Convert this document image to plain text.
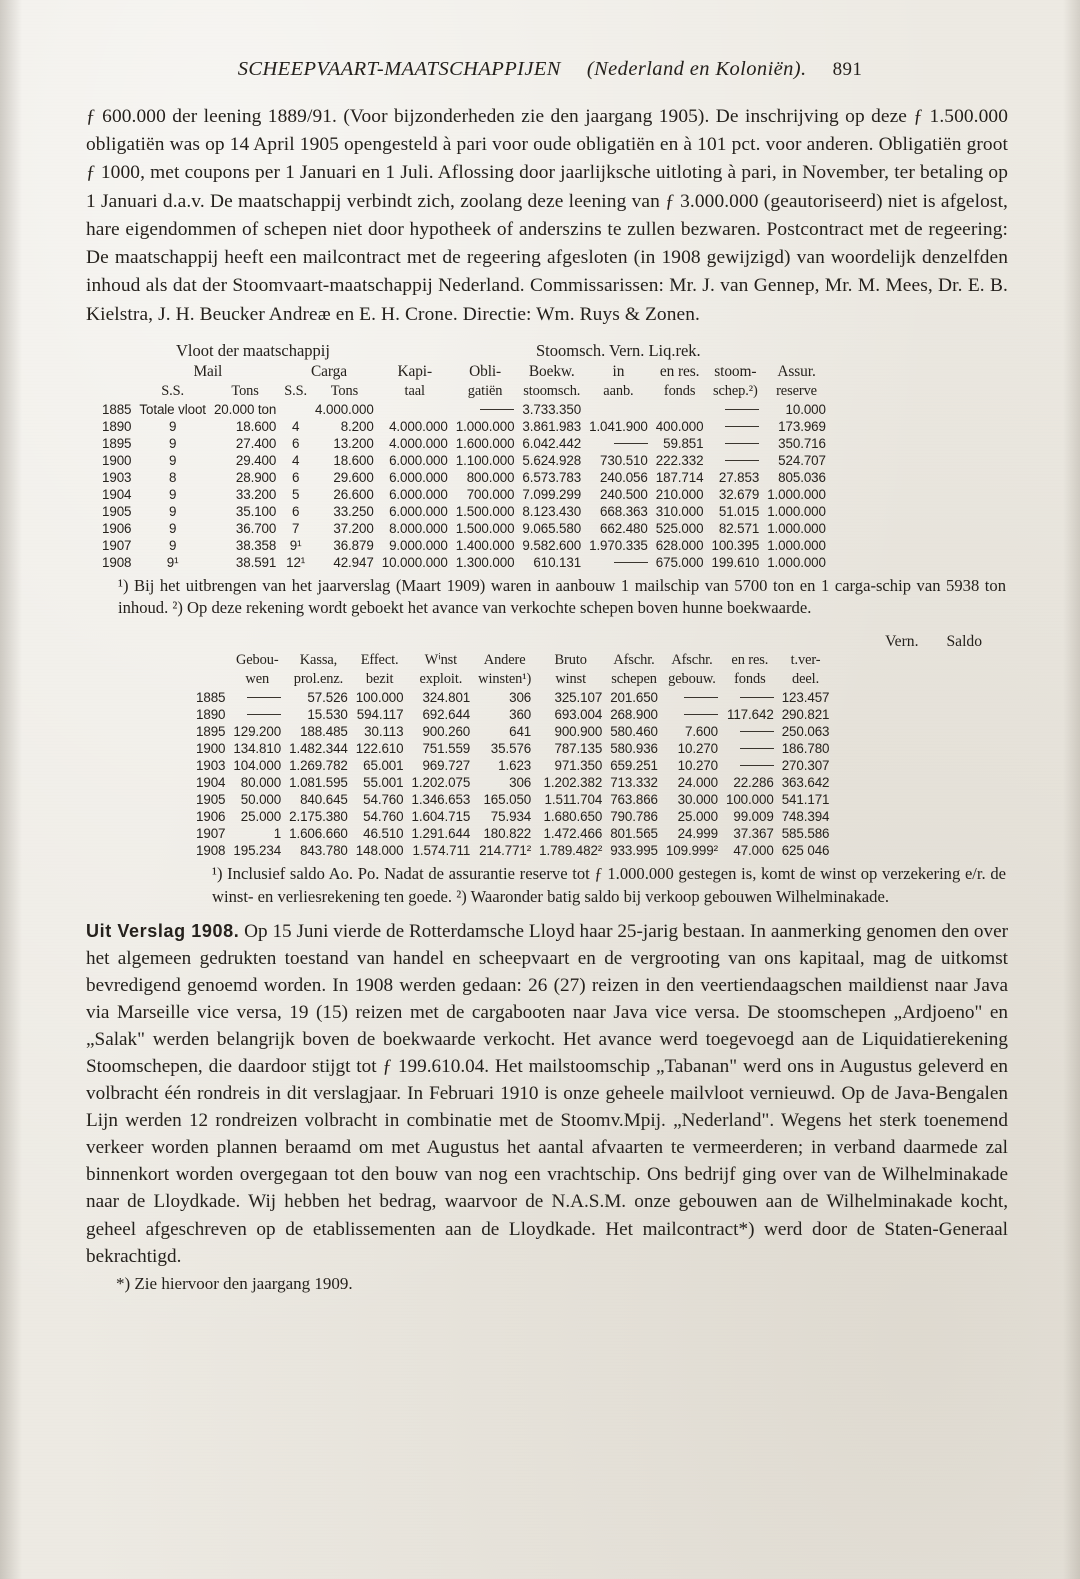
SCHEEPVAART-MAATSCHAPPIJEN (Nederland en Koloniën). 891
ƒ 600.000 der leening 1889/91. (Voor bijzonderheden zie den jaargang 1905). De inschrijving op deze ƒ 1.500.000 obligatiën was op 14 April 1905 opengesteld à pari voor oude obligatiën en à 101 pct. voor anderen. Obligatiën groot ƒ 1000, met coupons per 1 Januari en 1 Juli. Aflossing door jaarlijksche uitloting à pari, in November, ter betaling op 1 Januari d.a.v. De maatschappij verbindt zich, zoolang deze leening van ƒ 3.000.000 (geautoriseerd) niet is afgelost, hare eigendommen of schepen niet door hypotheek of anderszins te zullen bezwaren. Postcontract met de regeering: De maatschappij heeft een mailcontract met de regeering afgesloten (in 1908 gewijzigd) van woordelijk denzelfden inhoud als dat der Stoomvaart-maatschappij Nederland. Commissarissen: Mr. J. van Gennep, Mr. M. Mees, Dr. E. B. Kielstra, J. H. Beucker Andreæ en E. H. Crone. Directie: Wm. Ruys & Zonen.
Vloot der maatschappij	Stoomsch. Vern. Liq.rek.
	Mail		Carga		Kapi-	Obli-	Boekw.	in	en res.	stoom-	Assur.
	S.S.	Tons	S.S.	Tons	taal	gatiën	stoomsch.	aanb.	fonds	schep.²)	reserve
1885	Totale vloot	20.000 ton		4.000.000			3.733.350				10.000
1890	9	18.600	4	8.200	4.000.000	1.000.000	3.861.983	1.041.900	400.000		173.969
1895	9	27.400	6	13.200	4.000.000	1.600.000	6.042.442		59.851		350.716
1900	9	29.400	4	18.600	6.000.000	1.100.000	5.624.928	730.510	222.332		524.707
1903	8	28.900	6	29.600	6.000.000	800.000	6.573.783	240.056	187.714	27.853	805.036
1904	9	33.200	5	26.600	6.000.000	700.000	7.099.299	240.500	210.000	32.679	1.000.000
1905	9	35.100	6	33.250	6.000.000	1.500.000	8.123.430	668.363	310.000	51.015	1.000.000
1906	9	36.700	7	37.200	8.000.000	1.500.000	9.065.580	662.480	525.000	82.571	1.000.000
1907	9	38.358	9¹	36.879	9.000.000	1.400.000	9.582.600	1.970.335	628.000	100.395	1.000.000
1908	9¹	38.591	12¹	42.947	10.000.000	1.300.000	610.131		675.000	199.610	1.000.000
¹) Bij het uitbrengen van het jaarverslag (Maart 1909) waren in aanbouw 1 mailschip van 5700 ton en 1 carga-schip van 5938 ton inhoud. ²) Op deze rekening wordt geboekt het avance van verkochte schepen boven hunne boekwaarde.
Vern. Saldo
	Gebou-	Kassa,	Effect.	Wⁱnst	Andere	Bruto	Afschr.	Afschr.	en res.	t.ver-
	wen	prol.enz.	bezit	exploit.	winsten¹)	winst	schepen	gebouw.	fonds	deel.
1885		57.526	100.000	324.801	306	325.107	201.650			123.457
1890		15.530	594.117	692.644	360	693.004	268.900		117.642	290.821
1895	129.200	188.485	30.113	900.260	641	900.900	580.460	7.600		250.063
1900	134.810	1.482.344	122.610	751.559	35.576	787.135	580.936	10.270		186.780
1903	104.000	1.269.782	65.001	969.727	1.623	971.350	659.251	10.270		270.307
1904	80.000	1.081.595	55.001	1.202.075	306	1.202.382	713.332	24.000	22.286	363.642
1905	50.000	840.645	54.760	1.346.653	165.050	1.511.704	763.866	30.000	100.000	541.171
1906	25.000	2.175.380	54.760	1.604.715	75.934	1.680.650	790.786	25.000	99.009	748.394
1907	1	1.606.660	46.510	1.291.644	180.822	1.472.466	801.565	24.999	37.367	585.586
1908	195.234	843.780	148.000	1.574.711	214.771²	1.789.482²	933.995	109.999²	47.000	625 046
¹) Inclusief saldo Ao. Po. Nadat de assurantie reserve tot ƒ 1.000.000 gestegen is, komt de winst op verzekering e/r. de winst- en verliesrekening ten goede. ²) Waaronder batig saldo bij verkoop gebouwen Wilhelminakade.
Uit Verslag 1908. Op 15 Juni vierde de Rotterdamsche Lloyd haar 25-jarig bestaan. In aanmerking genomen den over het algemeen gedrukten toestand van handel en scheepvaart en de vergrooting van ons kapitaal, mag de uitkomst bevredigend genoemd worden. In 1908 werden gedaan: 26 (27) reizen in den veertiendaagschen maildienst naar Java via Marseille vice versa, 19 (15) reizen met de cargabooten naar Java vice versa. De stoomschepen „Ardjoeno" en „Salak" werden belangrijk boven de boekwaarde verkocht. Het avance werd toegevoegd aan de Liquidatierekening Stoomschepen, die daardoor stijgt tot ƒ 199.610.04. Het mailstoomschip „Tabanan" werd ons in Augustus geleverd en volbracht één rondreis in dit verslagjaar. In Februari 1910 is onze geheele mailvloot vernieuwd. Op de Java-Bengalen Lijn werden 12 rondreizen volbracht in combinatie met de Stoomv.Mpij. „Nederland". Wegens het sterk toenemend verkeer worden plannen beraamd om met Augustus het aantal afvaarten te vermeerderen; in verband daarmede zal binnenkort worden overgegaan tot den bouw van nog een vrachtschip. Ons bedrijf ging over van de Wilhelminakade naar de Lloydkade. Wij hebben het bedrag, waarvoor de N.A.S.M. onze gebouwen aan de Wilhelminakade kocht, geheel afgeschreven op de etablissementen aan de Lloydkade. Het mailcontract*) werd door de Staten-Generaal bekrachtigd.
*) Zie hiervoor den jaargang 1909.
